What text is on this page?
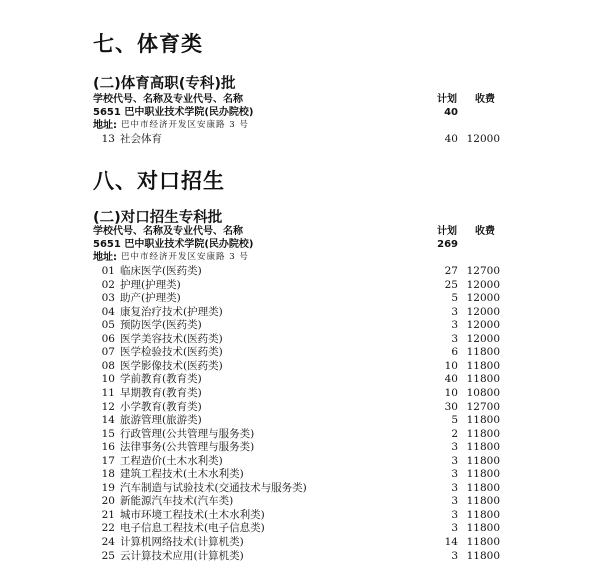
七、体育类
(二)体育高职(专科)批
学校代号、名称及专业代号、名称	计划 收费
5651 巴中职业技术学院(民办院校)	40
地址: 巴中市经济开发区安康路 3 号
13 社会体育	40 12000
八、对口招生
(二)对口招生专科批
学校代号、名称及专业代号、名称	计划 收费
5651 巴中职业技术学院(民办院校)	269
地址: 巴中市经济开发区安康路 3 号
01 临床医学(医药类)	27 12700
02 护理(护理类)	25 12000
03 助产(护理类)	5 12000
04 康复治疗技术(护理类)	3 12000
05 预防医学(医药类)	3 12000
06 医学美容技术(医药类)	3 12000
07 医学检验技术(医药类)	6 11800
08 医学影像技术(医药类)	10 11800
10 学前教育(教育类)	40 11800
11 早期教育(教育类)	10 10800
12 小学教育(教育类)	30 12700
14 旅游管理(旅游类)	5 11800
15 行政管理(公共管理与服务类)	2 11800
16 法律事务(公共管理与服务类)	3 11800
17 工程造价(土木水利类)	3 11800
18 建筑工程技术(土木水利类)	3 11800
19 汽车制造与试验技术(交通技术与服务类)	3 11800
20 新能源汽车技术(汽车类)	3 11800
21 城市环境工程技术(土木水利类)	3 11800
22 电子信息工程技术(电子信息类)	3 11800
24 计算机网络技术(计算机类)	14 11800
25 云计算技术应用(计算机类)	3 11800
